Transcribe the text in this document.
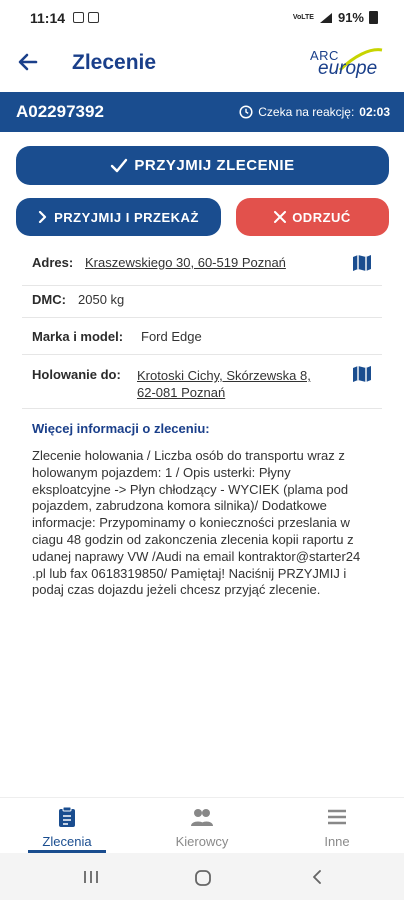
11:14	VoLTE 91%
Zlecenie	ARC
europe
A02297392	Czeka na reakcję: 02:03
PRZYJMIJ ZLECENIE
PRZYJMIJ I PRZEKAŻ	ODRZUĆ
Adres: Kraszewskiego 30, 60-519 Poznań
DMC: 2050 kg
Marka i model: Ford Edge
Holowanie do: Krotoski Cichy, Skórzewska 8,
62-081 Poznań
Więcej informacji o zleceniu:

Zlecenie holowania / Liczba osób do transportu wraz z holowanym pojazdem: 1 / Opis usterki: Płyny eksploatcyjne -> Płyn chłodzący - WYCIEK (plama pod pojazdem, zabrudzona komora silnika)/ Dodatkowe informacje: Przypominamy o konieczności przeslania w ciagu 48 godzin od zakonczenia zlecenia kopii raportu z udanej naprawy VW /Audi na email kontraktor@starter24 .pl lub fax 0618319850/ Pamiętaj! Naciśnij PRZYJMIJ i podaj czas dojazdu jeżeli chcesz przyjąć zlecenie.

Zlecenia	Kierowcy	Inne
